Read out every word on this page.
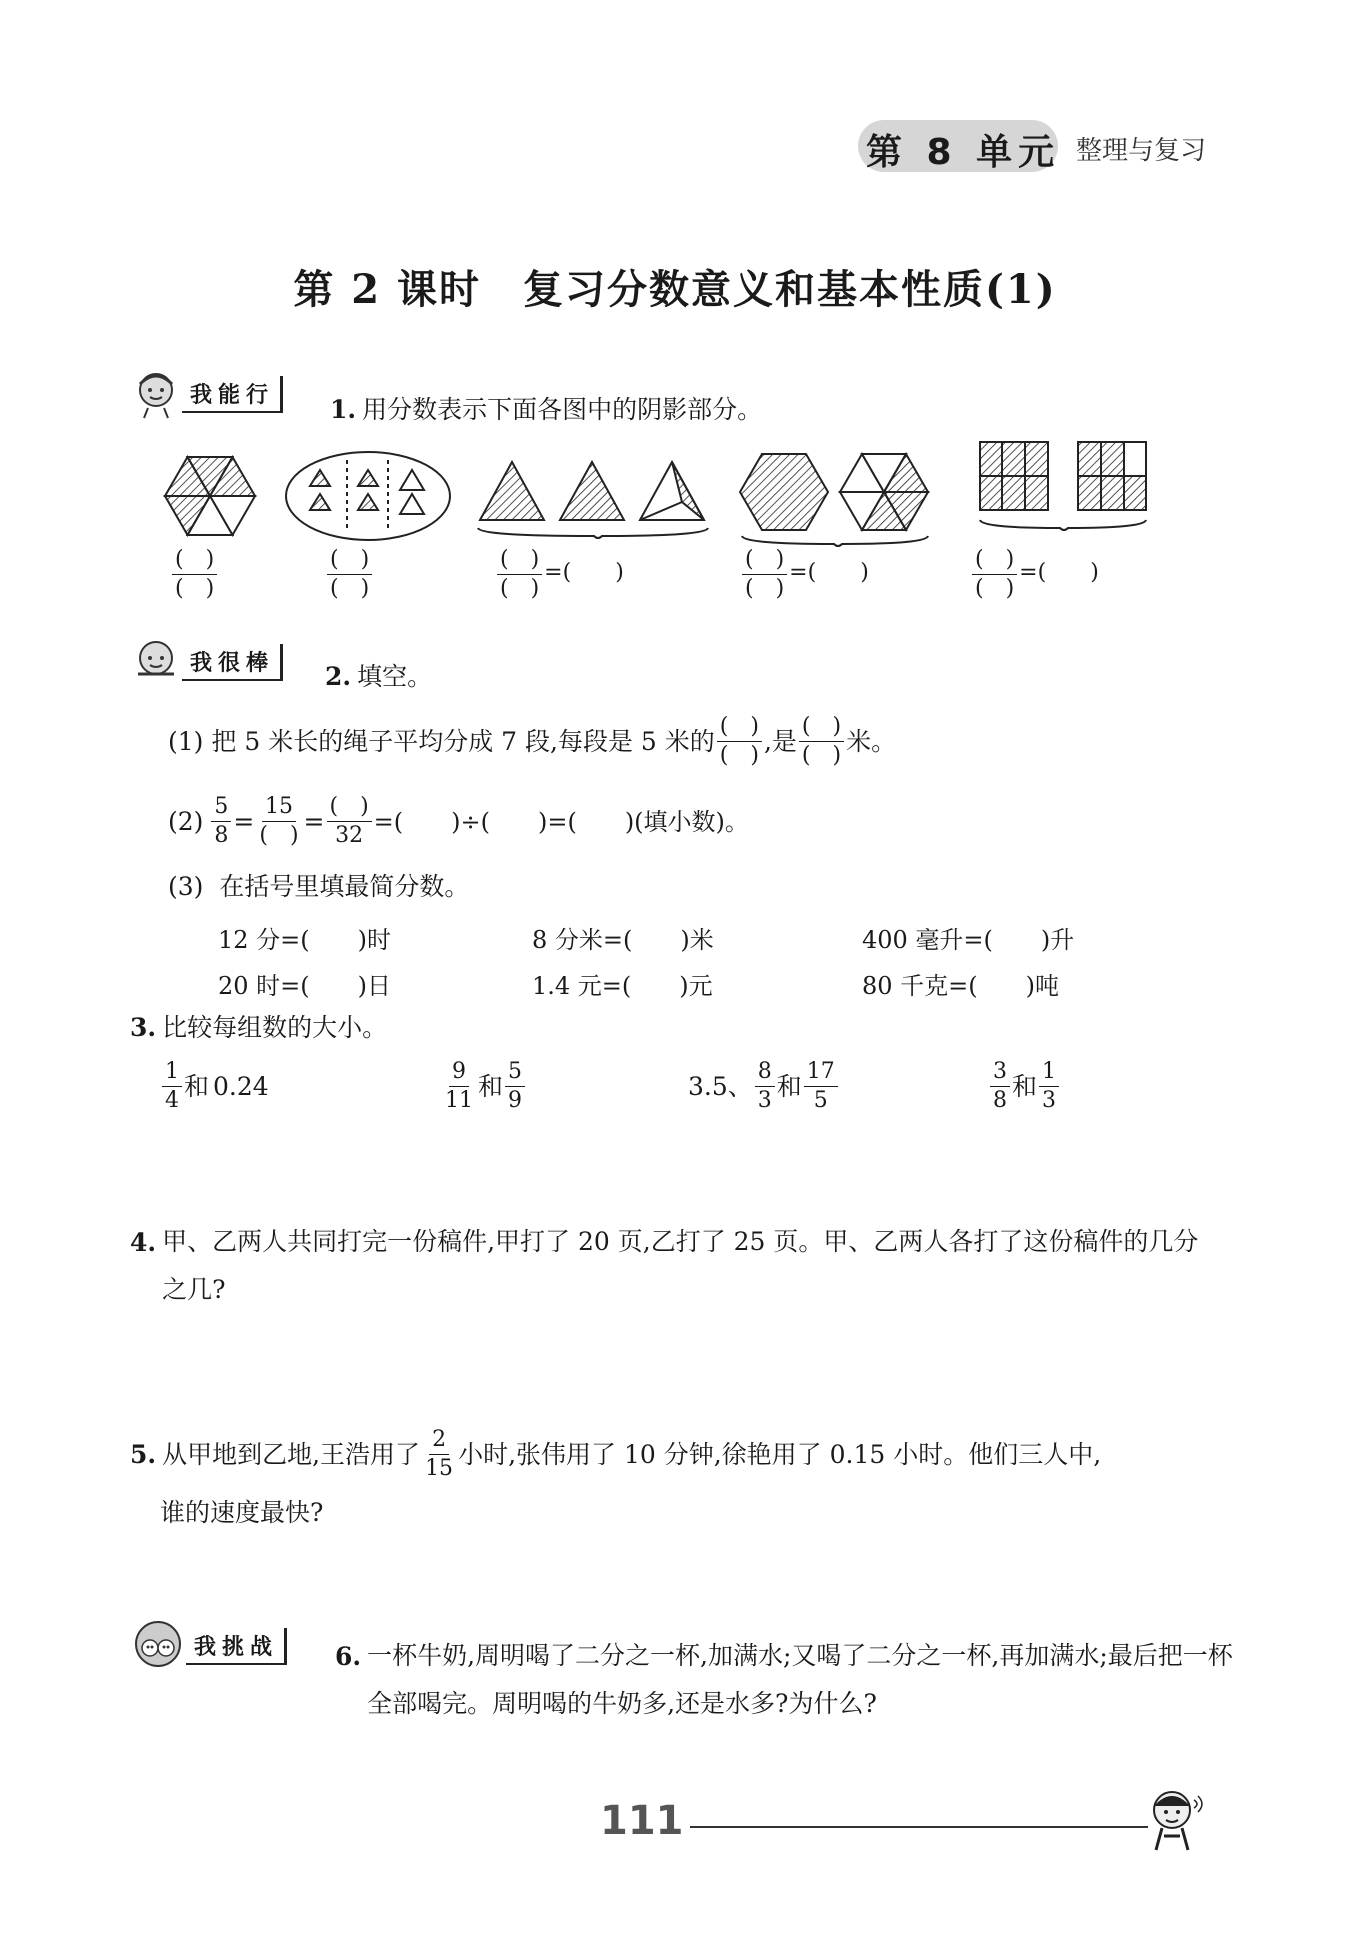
第 8 单元 整理与复习
第 2 课时　复习分数意义和基本性质(1)
我能行	1. 用分数表示下面各图中的阴影部分。
$\frac{( )}{( )}$	$\frac{( )}{( )}$	$\frac{( )}{( )}$ =(　　)	$\frac{( )}{( )}$ =(　　)	$\frac{( )}{( )}$ =(　　)
我很棒	2. 填空。
(1) 把 5 米长的绳子平均分成 7 段,每段是 5 米的 $\frac{( )}{( )}$ ,是 $\frac{( )}{( )}$ 米。
$(2) \frac{5}{8} = \frac{15}{( )} = \frac{( )}{32}$ =(　　)÷(　　)=(　　)(填小数)。
(3) 在括号里填最简分数。
12 分=(　　)时	8 分米=(　　)米	400 毫升=(　　)升
20 时=(　　)日	1.4 元=(　　)元	80 千克=(　　)吨
3. 比较每组数的大小。
$\frac{1}{4}$ 和 0.24	$\frac{9}{11}$ 和 $\frac{5}{9}$	3.5、 $\frac{8}{3}$ 和 $\frac{17}{5}$	$\frac{3}{8}$ 和 $\frac{1}{3}$
4. 甲、乙两人共同打完一份稿件,甲打了 20 页,乙打了 25 页。甲、乙两人各打了这份稿件的几分之几?
5. 从甲地到乙地,王浩用了 $\frac{2}{15}$ 小时,张伟用了 10 分钟,徐艳用了 0.15 小时。他们三人中,
谁的速度最快?
我挑战	6. 一杯牛奶,周明喝了二分之一杯,加满水;又喝了二分之一杯,再加满水;最后把一杯全部喝完。周明喝的牛奶多,还是水多?为什么?
111
